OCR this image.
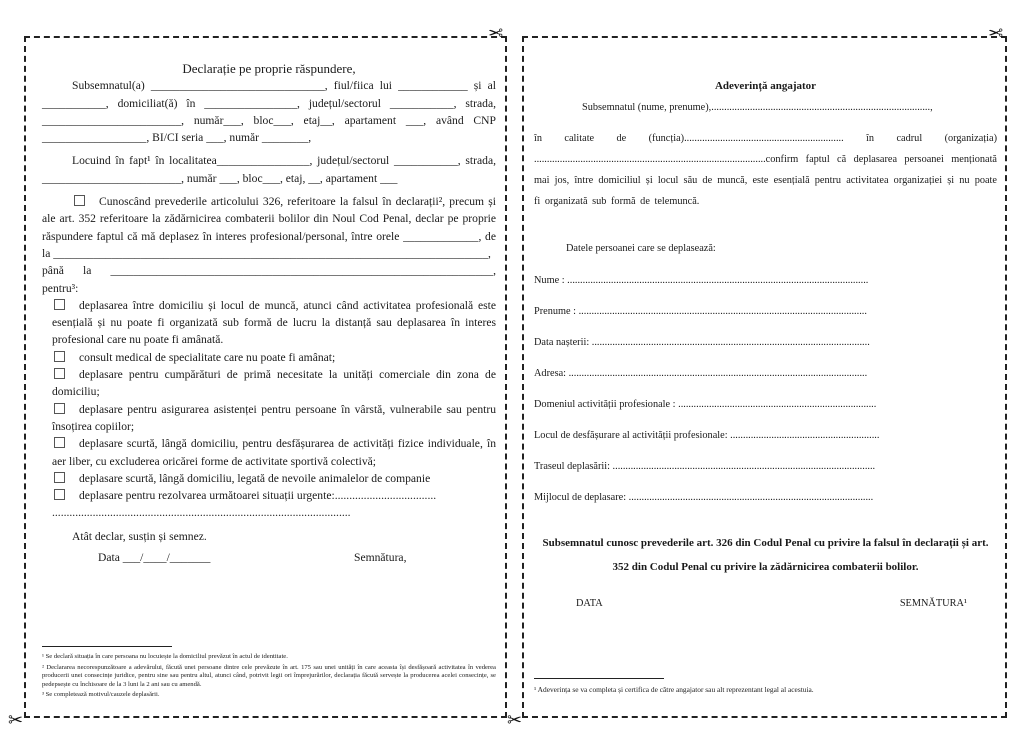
Declarație pe propriе răspundere,

Subsemnatul(a) ______________________________, fiul/fiica lui ____________ și al ___________, domiciliat(ă) în ________________, județul/sectorul ___________, strada, ________________________, număr___, bloc___, etaj__, apartament ___, având CNP __________________, BI/CI seria ___, număr ________,

Locuind în fapt¹ în localitatea________________, județul/sectorul ___________, strada, ________________________, număr ___, bloc___, etaj, __, apartament ___

Cunoscând prevederile articolului 326, referitoare la falsul în declarații², precum și ale art. 352 referitoare la zădărnicirea combaterii bolilor din Noul Cod Penal, declar pe propriе răspundere faptul că mă deplasez în interes profesional/personal, între orele _____________, de la ___________________________________________________________________________,

până la __________________________________________________________________, pentru³:

deplasarea între domiciliu și locul de muncă, atunci când activitatea profesională este esențială și nu poate fi organizată sub formă de lucru la distanță sau deplasarea în interes profesional care nu poate fi amânată.

consult medical de specialitate care nu poate fi amânat;

deplasare pentru cumpărături de primă necesitate la unități comerciale din zona de domiciliu;

deplasare pentru asigurarea asistenței pentru persoane în vârstă, vulnerabile sau pentru însoțirea copiilor;

deplasare scurtă, lângă domiciliu, pentru desfășurarea de activități fizice individuale, în aer liber, cu excluderea oricărei forme de activitate sportivă colectivă;

deplasare scurtă, lângă domiciliu, legată de nevoile animalelor de companie

deplasare pentru rezolvarea următoarei situații urgente:...................................

.......................................................................................................

Atât declar, susțin și semnez.

Data ___/____/_______	Semnătura,

¹ Se declară situația în care persoana nu locuiește la domiciliul prevăzut în actul de identitate.

² Declararea necorespunzătoare a adevărului, făcută unei persoane dintre cele prevăzute în art. 175 sau unei unități în care aceasta își desfășoară activitatea în vederea producerii unei consecințe juridice, pentru sine sau pentru altul, atunci când, potrivit legii ori împrejurărilor, declarația făcută servește la producerea acelei consecințe, se pedepsește cu închisoare de la 3 luni la 2 ani sau cu amendă.

³ Se completează motivul/cauzele deplasării.

Adeverință angajator

Subsemnatul (nume, prenume),.....................................................................................,

în calitate de (funcția).............................................................. în cadrul (organizația) ..........................................................................................confirm faptul că deplasarea persoanei menționată mai jos, între domiciliul și locul său de muncă, este esențială pentru activitatea organizației și nu poate fi organizată sub formă de telemuncă.

Datele persoanei care se deplasează:

Nume : .....................................................................................................................

Prenume : ................................................................................................................

Data nașterii: ............................................................................................................

Adresa: ....................................................................................................................

Domeniul activității profesionale : .............................................................................

Locul de desfășurare al activității profesionale: ..........................................................

Traseul deplasării: ......................................................................................................

Mijlocul de deplasare: ...............................................................................................

Subsemnatul cunosc prevederile art. 326 din Codul Penal cu privire la falsul în declarații și art. 352 din Codul Penal cu privire la zădărnicirea combaterii bolilor.

DATA	SEMNĂTURA¹

¹ Adeverința se va completa și certifica de către angajator sau alt reprezentant legal al acestuia.

✂	✂
✂	✂
